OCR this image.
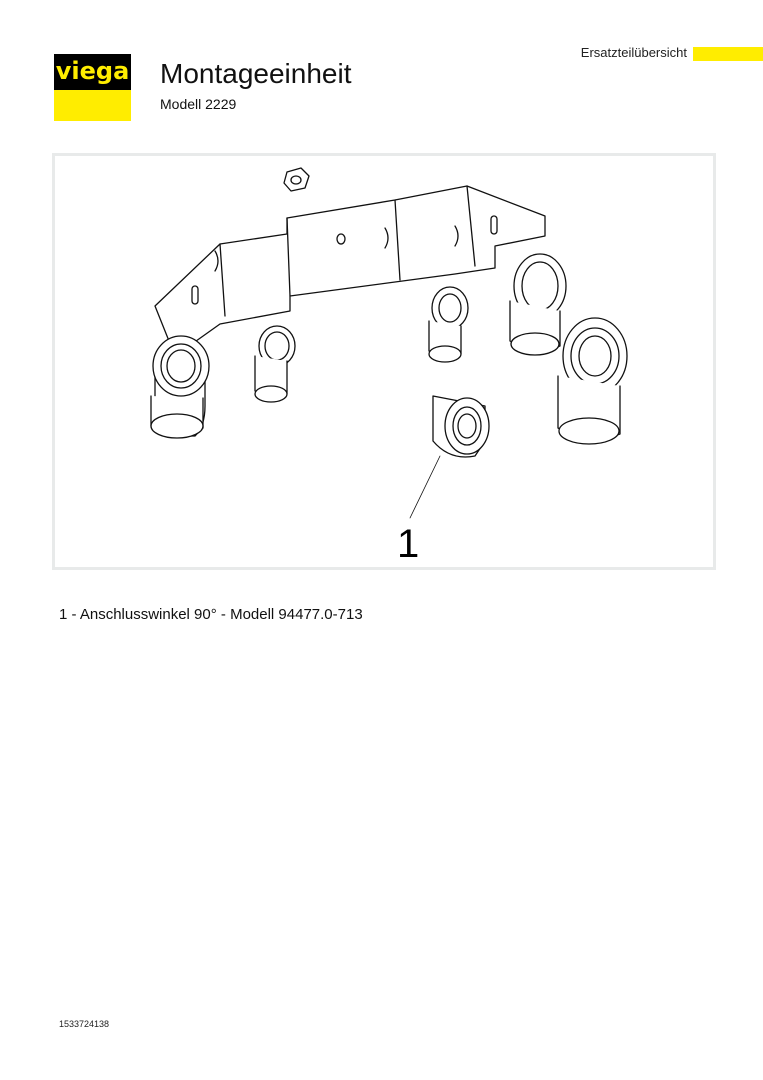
viega Montageeinheit
Modell 2229
Ersatzteilübersicht
1
1 - Anschlusswinkel 90° - Modell 94477.0-713
1533724138
